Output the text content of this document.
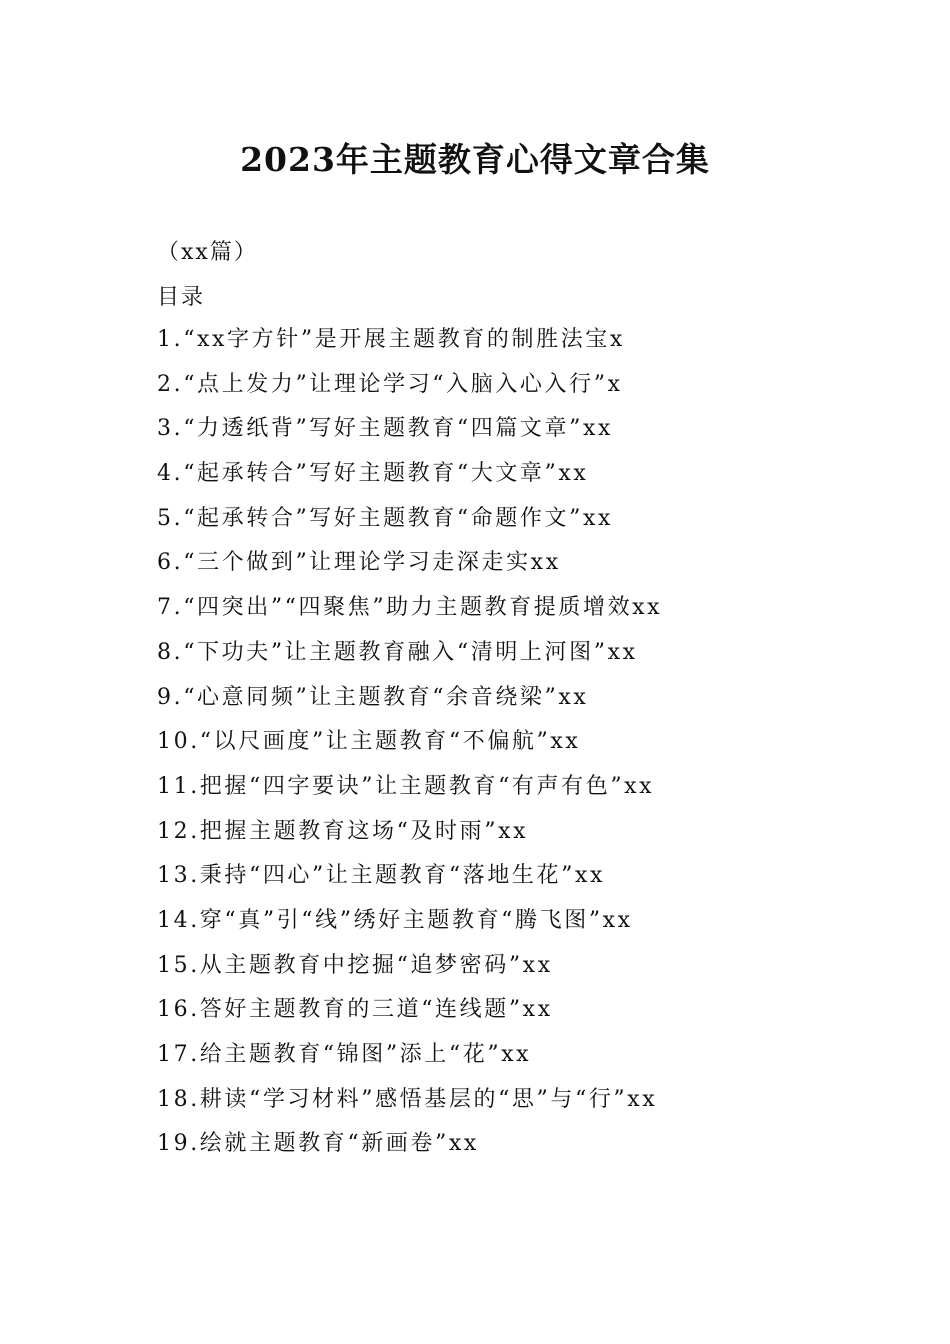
2023年主题教育心得文章合集
（xx篇）
目录
1.“xx字方针”是开展主题教育的制胜法宝x
2.“点上发力”让理论学习“入脑入心入行”x
3.“力透纸背”写好主题教育“四篇文章”xx
4.“起承转合”写好主题教育“大文章”xx
5.“起承转合”写好主题教育“命题作文”xx
6.“三个做到”让理论学习走深走实xx
7.“四突出”“四聚焦”助力主题教育提质增效xx
8.“下功夫”让主题教育融入“清明上河图”xx
9.“心意同频”让主题教育“余音绕梁”xx
10.“以尺画度”让主题教育“不偏航”xx
11.把握“四字要诀”让主题教育“有声有色”xx
12.把握主题教育这场“及时雨”xx
13.秉持“四心”让主题教育“落地生花”xx
14.穿“真”引“线”绣好主题教育“腾飞图”xx
15.从主题教育中挖掘“追梦密码”xx
16.答好主题教育的三道“连线题”xx
17.给主题教育“锦图”添上“花”xx
18.耕读“学习材料”感悟基层的“思”与“行”xx
19.绘就主题教育“新画卷”xx
